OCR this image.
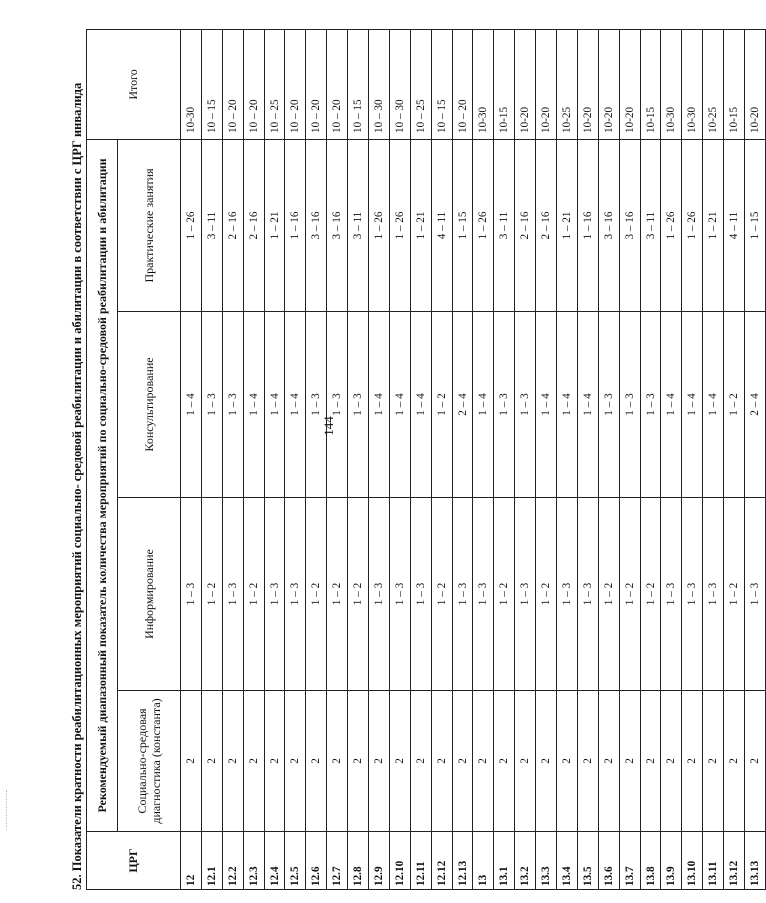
144
52. Показатели кратности реабилитационных мероприятий социально- средовой реабилитации и абилитации в соответствии с ЦРГ инвалида	ЦРГ	Рекомендуемый диапазонный показатель количества мероприятий по социально-средовой реабилитации и абилитации				Итого
	Социально-средовая диагностика (константа)	Информирование	Консультирование	Практические занятия	
12	2	1 – 3	1 – 4	1 – 26	10-30
12.1	2	1 – 2	1 – 3	3 – 11	10 – 15
12.2	2	1 – 3	1 – 3	2 – 16	10 – 20
12.3	2	1 – 2	1 – 4	2 – 16	10 – 20
12.4	2	1 – 3	1 – 4	1 – 21	10 – 25
12.5	2	1 – 3	1 – 4	1 – 16	10 – 20
12.6	2	1 – 2	1 – 3	3 – 16	10 – 20
12.7	2	1 – 2	1 – 3	3 – 16	10 – 20
12.8	2	1 – 2	1 – 3	3 – 11	10 – 15
12.9	2	1 – 3	1 – 4	1 – 26	10 – 30
12.10	2	1 – 3	1 – 4	1 – 26	10 – 30
12.11	2	1 – 3	1 – 4	1 – 21	10 – 25
12.12	2	1 – 2	1 – 2	4 – 11	10 – 15
12.13	2	1 – 3	2 – 4	1 – 15	10 – 20
13	2	1 – 3	1 – 4	1 – 26	10-30
13.1	2	1 – 2	1 – 3	3 – 11	10-15
13.2	2	1 – 3	1 – 3	2 – 16	10-20
13.3	2	1 – 2	1 – 4	2 – 16	10-20
13.4	2	1 – 3	1 – 4	1 – 21	10-25
13.5	2	1 – 3	1 – 4	1 – 16	10-20
13.6	2	1 – 2	1 – 3	3 – 16	10-20
13.7	2	1 – 2	1 – 3	3 – 16	10-20
13.8	2	1 – 2	1 – 3	3 – 11	10-15
13.9	2	1 – 3	1 – 4	1 – 26	10-30
13.10	2	1 – 3	1 – 4	1 – 26	10-30
13.11	2	1 – 3	1 – 4	1 – 21	10-25
13.12	2	1 – 2	1 – 2	4 – 11	10-15
13.13	2	1 – 3	2 – 4	1 – 15	10-20
